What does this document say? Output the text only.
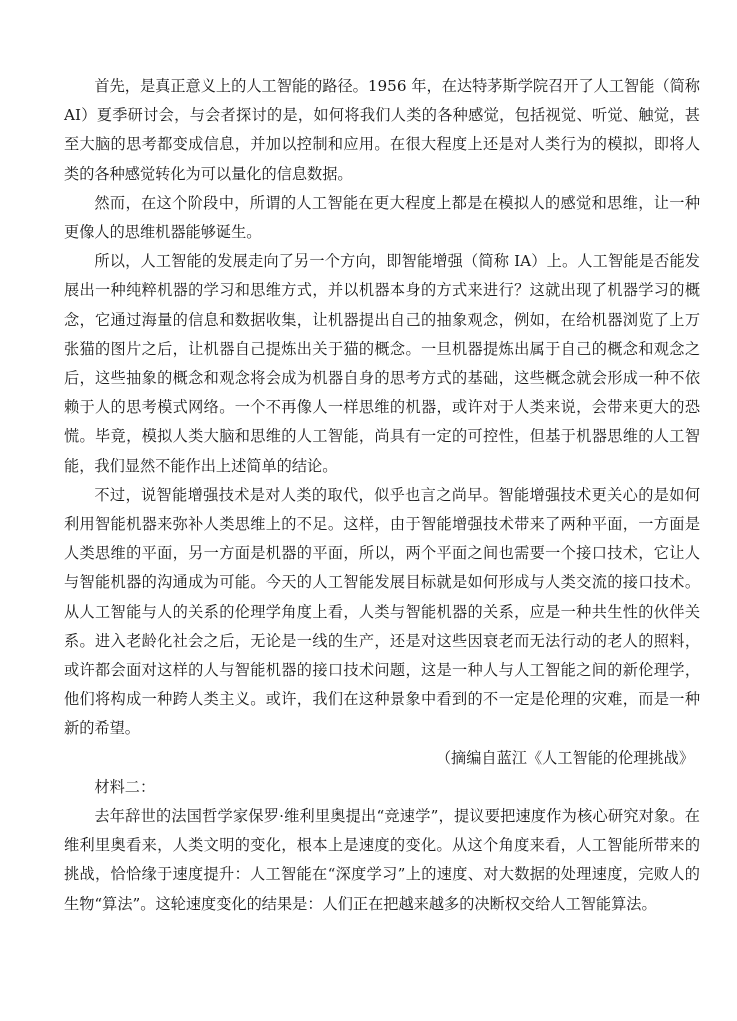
首先，是真正意义上的人工智能的路径。1956 年，在达特茅斯学院召开了人工智能（简称 AI）夏季研讨会，与会者探讨的是，如何将我们人类的各种感觉，包括视觉、听觉、触觉，甚至大脑的思考都变成信息，并加以控制和应用。在很大程度上还是对人类行为的模拟，即将人类的各种感觉转化为可以量化的信息数据。

然而，在这个阶段中，所谓的人工智能在更大程度上都是在模拟人的感觉和思维，让一种更像人的思维机器能够诞生。

所以，人工智能的发展走向了另一个方向，即智能增强（简称 IA）上。人工智能是否能发展出一种纯粹机器的学习和思维方式，并以机器本身的方式来进行？这就出现了机器学习的概念，它通过海量的信息和数据收集，让机器提出自己的抽象观念，例如，在给机器浏览了上万张猫的图片之后，让机器自己提炼出关于猫的概念。一旦机器提炼出属于自己的概念和观念之后，这些抽象的概念和观念将会成为机器自身的思考方式的基础，这些概念就会形成一种不依赖于人的思考模式网络。一个不再像人一样思维的机器，或许对于人类来说，会带来更大的恐慌。毕竟，模拟人类大脑和思维的人工智能，尚具有一定的可控性，但基于机器思维的人工智能，我们显然不能作出上述简单的结论。

不过，说智能增强技术是对人类的取代，似乎也言之尚早。智能增强技术更关心的是如何利用智能机器来弥补人类思维上的不足。这样，由于智能增强技术带来了两种平面，一方面是人类思维的平面，另一方面是机器的平面，所以，两个平面之间也需要一个接口技术，它让人与智能机器的沟通成为可能。今天的人工智能发展目标就是如何形成与人类交流的接口技术。从人工智能与人的关系的伦理学角度上看，人类与智能机器的关系，应是一种共生性的伙伴关系。进入老龄化社会之后，无论是一线的生产，还是对这些因衰老而无法行动的老人的照料，或许都会面对这样的人与智能机器的接口技术问题，这是一种人与人工智能之间的新伦理学，他们将构成一种跨人类主义。或许，我们在这种景象中看到的不一定是伦理的灾难，而是一种新的希望。

（摘编自蓝江《人工智能的伦理挑战》

材料二：

去年辞世的法国哲学家保罗·维利里奥提出“竞速学”，提议要把速度作为核心研究对象。在维利里奥看来，人类文明的变化，根本上是速度的变化。从这个角度来看，人工智能所带来的挑战，恰恰缘于速度提升：人工智能在“深度学习”上的速度、对大数据的处理速度，完败人的生物“算法”。这轮速度变化的结果是：人们正在把越来越多的决断权交给人工智能算法。
